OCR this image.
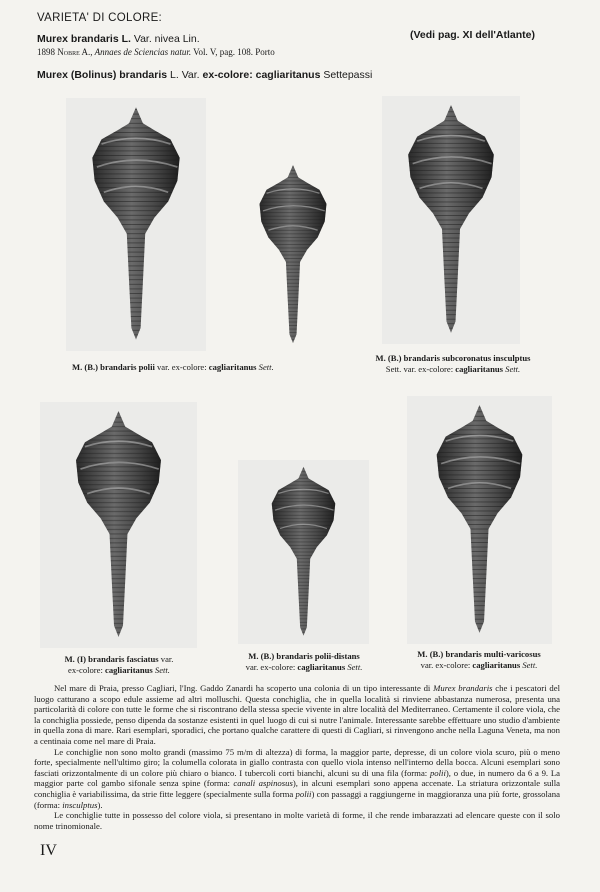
VARIETA' DI COLORE:
(Vedi pag. XI dell'Atlante)
Murex brandaris L. Var. nivea Lin.
1898 Nobre A., Annaes de Sciencias natur. Vol. V, pag. 108. Porto
Murex (Bolinus) brandaris L. Var. ex-colore: cagliaritanus Settepassi
M. (B.) brandaris polii var. ex-colore: cagliaritanus Sett.
M. (B.) brandaris subcoronatus insculptus
Sett. var. ex-colore: cagliaritanus Sett.
M. (I) brandaris fasciatus var.
ex-colore: cagliaritanus Sett.
M. (B.) brandaris polii-distans
var. ex-colore: cagliaritanus Sett.
M. (B.) brandaris multi-varicosus
var. ex-colore: cagliaritanus Sett.

Nel mare di Praia, presso Cagliari, l'Ing. Gaddo Zanardi ha scoperto una colonia di un tipo interessante di Murex brandaris che i pescatori del luogo catturano a scopo edule assieme ad altri molluschi. Questa conchiglia, che in quella località si rinviene abbastanza numerosa, presenta una particolarità di colore con tutte le forme che si riscontrano della stessa specie vivente in altre località del Mediterraneo. Certamente il colore viola, che la conchiglia possiede, penso dipenda da sostanze esistenti in quel luogo di cui si nutre l'animale. Interessante sarebbe effettuare uno studio d'ambiente in quella zona di mare. Rari esemplari, sporadici, che portano qualche carattere di questi di Cagliari, si rinvengono anche nella Laguna Veneta, ma non a centinaia come nel mare di Praia.

Le conchiglie non sono molto grandi (massimo 75 m/m di altezza) di forma, la maggior parte, depresse, di un colore viola scuro, più o meno forte, specialmente nell'ultimo giro; la columella colorata in giallo contrasta con quello viola intenso nell'interno della bocca. Alcuni esemplari sono fasciati orizzontalmente di un colore più chiaro o bianco. I tubercoli corti bianchi, alcuni su di una fila (forma: polii), o due, in numero da 6 a 9. La maggior parte col gambo sifonale senza spine (forma: canali aspinosus), in alcuni esemplari sono appena accenate. La striatura orizzontale sulla conchiglia è variabilissima, da strie fitte leggere (specialmente sulla forma polii) con passaggi a raggiungerne in maggioranza una più forte, grossolana (forma: insculptus).

Le conchiglie tutte in possesso del colore viola, si presentano in molte varietà di forme, il che rende imbarazzati ad elencare queste con il solo nome trinomionale.

IV
